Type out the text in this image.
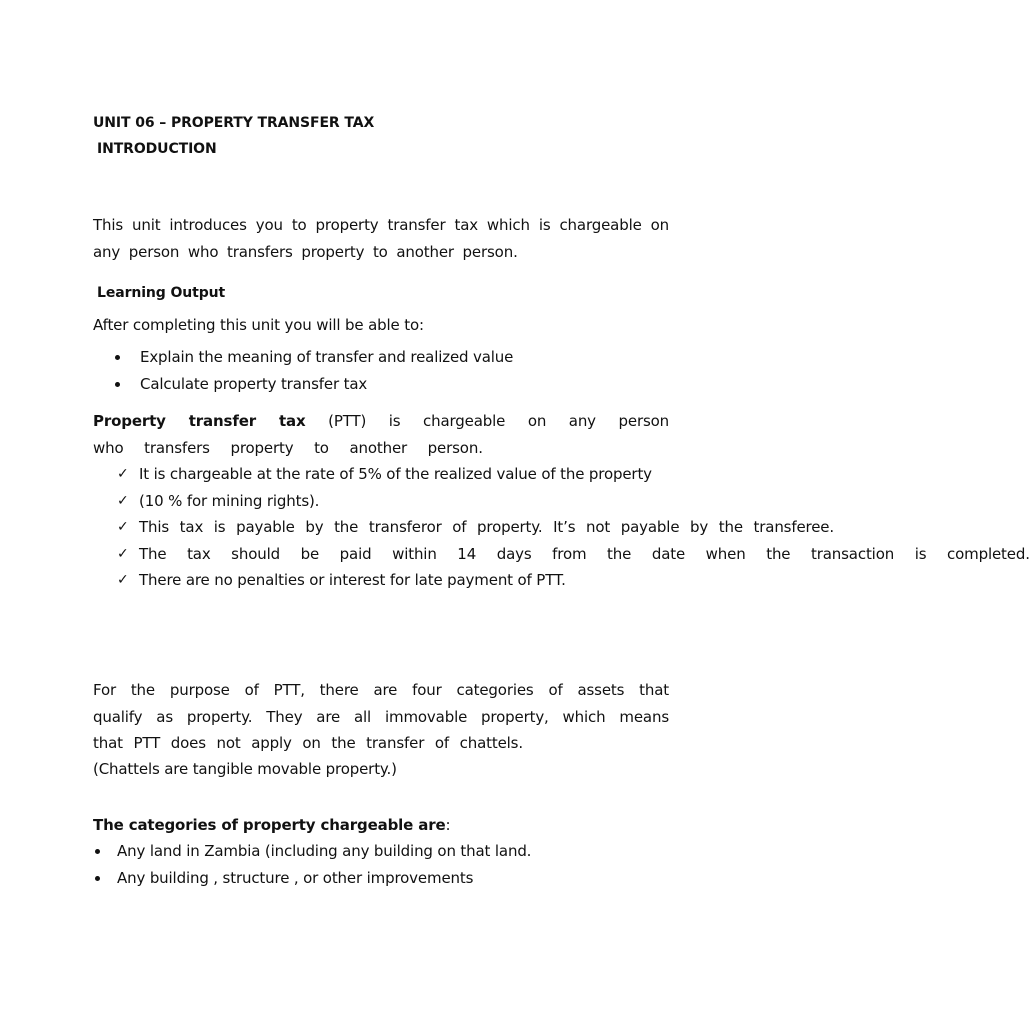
UNIT 06 – PROPERTY TRANSFER TAX
INTRODUCTION

This unit introduces you to property transfer tax which is chargeable on any person who transfers property to another person.

Learning Output

After completing this unit you will be able to:

Explain the meaning of transfer and realized value
Calculate property transfer tax

Property transfer tax (PTT) is chargeable on any person who transfers property to another person.

✓ It is chargeable at the rate of 5% of the realized value of the property
✓ (10 % for mining rights).
✓ This tax is payable by the transferor of property. It’s not payable by the transferee.
✓ The tax should be paid within 14 days from the date when the transaction is completed.
✓ There are no penalties or interest for late payment of PTT.

For the purpose of PTT, there are four categories of assets that qualify as property. They are all immovable property, which means that PTT does not apply on the transfer of chattels.

(Chattels are tangible movable property.)

The categories of property chargeable are:

Any land in Zambia (including any building on that land.
Any building , structure , or other improvements
